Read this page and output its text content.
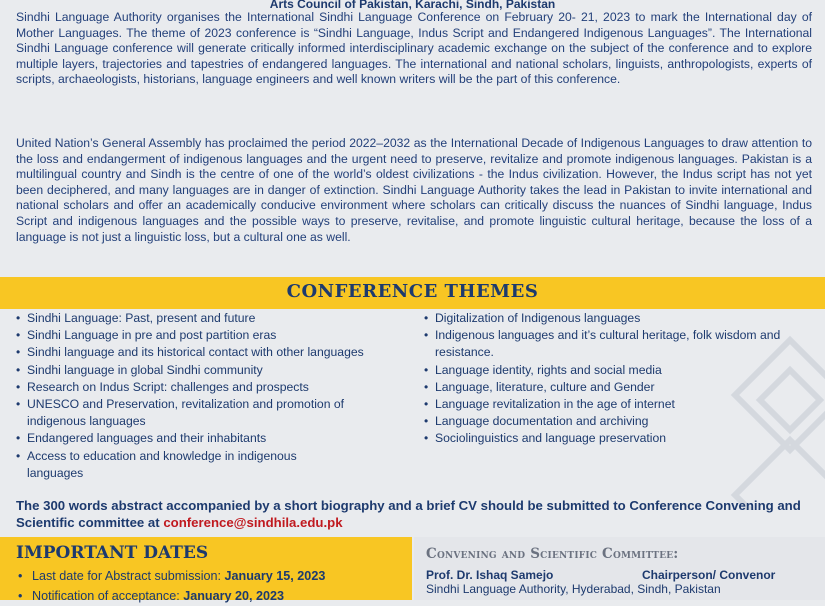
Arts Council of Pakistan, Karachi, Sindh, Pakistan

Sindhi Language Authority organises the International Sindhi Language Conference on February 20- 21, 2023 to mark the International day of Mother Languages. The theme of 2023 conference is “Sindhi Language, Indus Script and Endangered Indigenous Languages”. The International Sindhi Language conference will generate critically informed interdisciplinary academic exchange on the subject of the conference and to explore multiple layers, trajectories and tapestries of endangered languages. The international and national scholars, linguists, anthropologists, experts of scripts, archaeologists, historians, language engineers and well known writers will be the part of this conference.

United Nation’s General Assembly has proclaimed the period 2022–2032 as the International Decade of Indigenous Languages to draw attention to the loss and endangerment of indigenous languages and the urgent need to preserve, revitalize and promote indigenous languages. Pakistan is a multilingual country and Sindh is the centre of one of the world’s oldest civilizations - the Indus civilization. However, the Indus script has not yet been deciphered, and many languages are in danger of extinction. Sindhi Language Authority takes the lead in Pakistan to invite international and national scholars and offer an academically conducive environment where scholars can critically discuss the nuances of Sindhi language, Indus Script and indigenous languages and the possible ways to preserve, revitalise, and promote linguistic cultural heritage, because the loss of a language is not just a linguistic loss, but a cultural one as well.

CONFERENCE THEMES
• Sindhi Language: Past, present and future
• Sindhi Language in pre and post partition eras
• Sindhi language and its historical contact with other languages
• Sindhi language in global Sindhi community
• Research on Indus Script: challenges and prospects
• UNESCO and Preservation, revitalization and promotion of indigenous languages
• Endangered languages and their inhabitants
• Access to education and knowledge in indigenous languages
• Digitalization of Indigenous languages
• Indigenous languages and it’s cultural heritage, folk wisdom and resistance.
• Language identity, rights and social media
• Language, literature, culture and Gender
• Language revitalization in the age of internet
• Language documentation and archiving
• Sociolinguistics and language preservation

The 300 words abstract accompanied by a short biography and a brief CV should be submitted to Conference Convening and Scientific committee at conference@sindhila.edu.pk

IMPORTANT DATES
• Last date for Abstract submission: January 15, 2023
• Notification of acceptance: January 20, 2023
Convening and Scientific Committee:
Prof. Dr. Ishaq Samejo	Chairperson/ Convenor
Sindhi Language Authority, Hyderabad, Sindh, Pakistan
